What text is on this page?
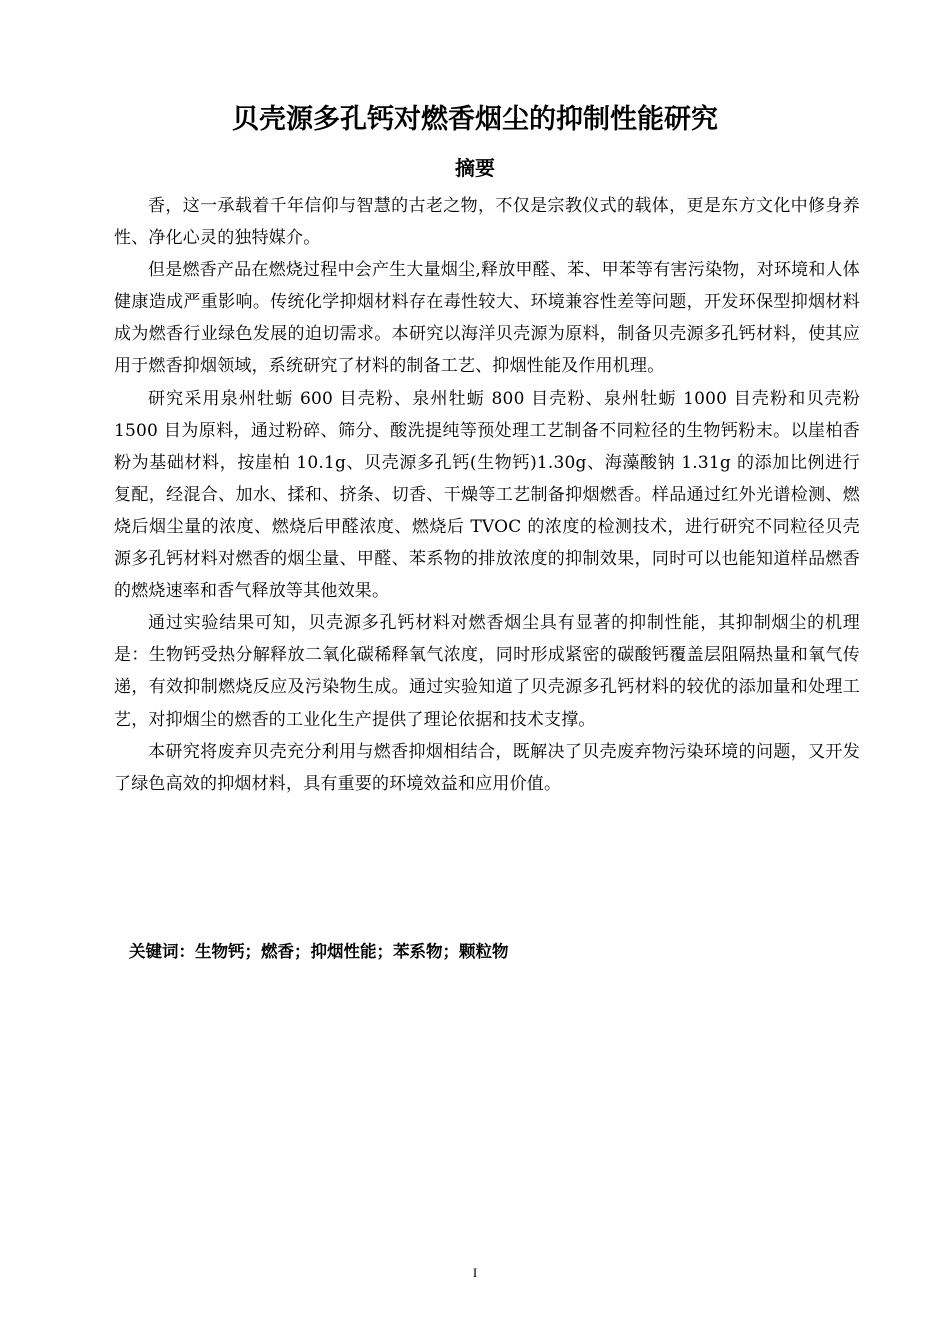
贝壳源多孔钙对燃香烟尘的抑制性能研究
摘要

香，这一承载着千年信仰与智慧的古老之物，不仅是宗教仪式的载体，更是东方文化中修身养性、净化心灵的独特媒介。

但是燃香产品在燃烧过程中会产生大量烟尘,释放甲醛、苯、甲苯等有害污染物，对环境和人体健康造成严重影响。传统化学抑烟材料存在毒性较大、环境兼容性差等问题，开发环保型抑烟材料成为燃香行业绿色发展的迫切需求。本研究以海洋贝壳源为原料，制备贝壳源多孔钙材料，使其应用于燃香抑烟领域，系统研究了材料的制备工艺、抑烟性能及作用机理。

研究采用泉州牡蛎 600 目壳粉、泉州牡蛎 800 目壳粉、泉州牡蛎 1000 目壳粉和贝壳粉 1500 目为原料，通过粉碎、筛分、酸洗提纯等预处理工艺制备不同粒径的生物钙粉末。以崖柏香粉为基础材料，按崖柏 10.1g、贝壳源多孔钙(生物钙)1.30g、海藻酸钠 1.31g 的添加比例进行复配，经混合、加水、揉和、挤条、切香、干燥等工艺制备抑烟燃香。样品通过红外光谱检测、燃烧后烟尘量的浓度、燃烧后甲醛浓度、燃烧后 TVOC 的浓度的检测技术，进行研究不同粒径贝壳源多孔钙材料对燃香的烟尘量、甲醛、苯系物的排放浓度的抑制效果，同时可以也能知道样品燃香的燃烧速率和香气释放等其他效果。

通过实验结果可知，贝壳源多孔钙材料对燃香烟尘具有显著的抑制性能，其抑制烟尘的机理是：生物钙受热分解释放二氧化碳稀释氧气浓度，同时形成紧密的碳酸钙覆盖层阻隔热量和氧气传递，有效抑制燃烧反应及污染物生成。通过实验知道了贝壳源多孔钙材料的较优的添加量和处理工艺，对抑烟尘的燃香的工业化生产提供了理论依据和技术支撑。

本研究将废弃贝壳充分利用与燃香抑烟相结合，既解决了贝壳废弃物污染环境的问题，又开发了绿色高效的抑烟材料，具有重要的环境效益和应用价值。

关键词：生物钙；燃香；抑烟性能；苯系物；颗粒物

I
